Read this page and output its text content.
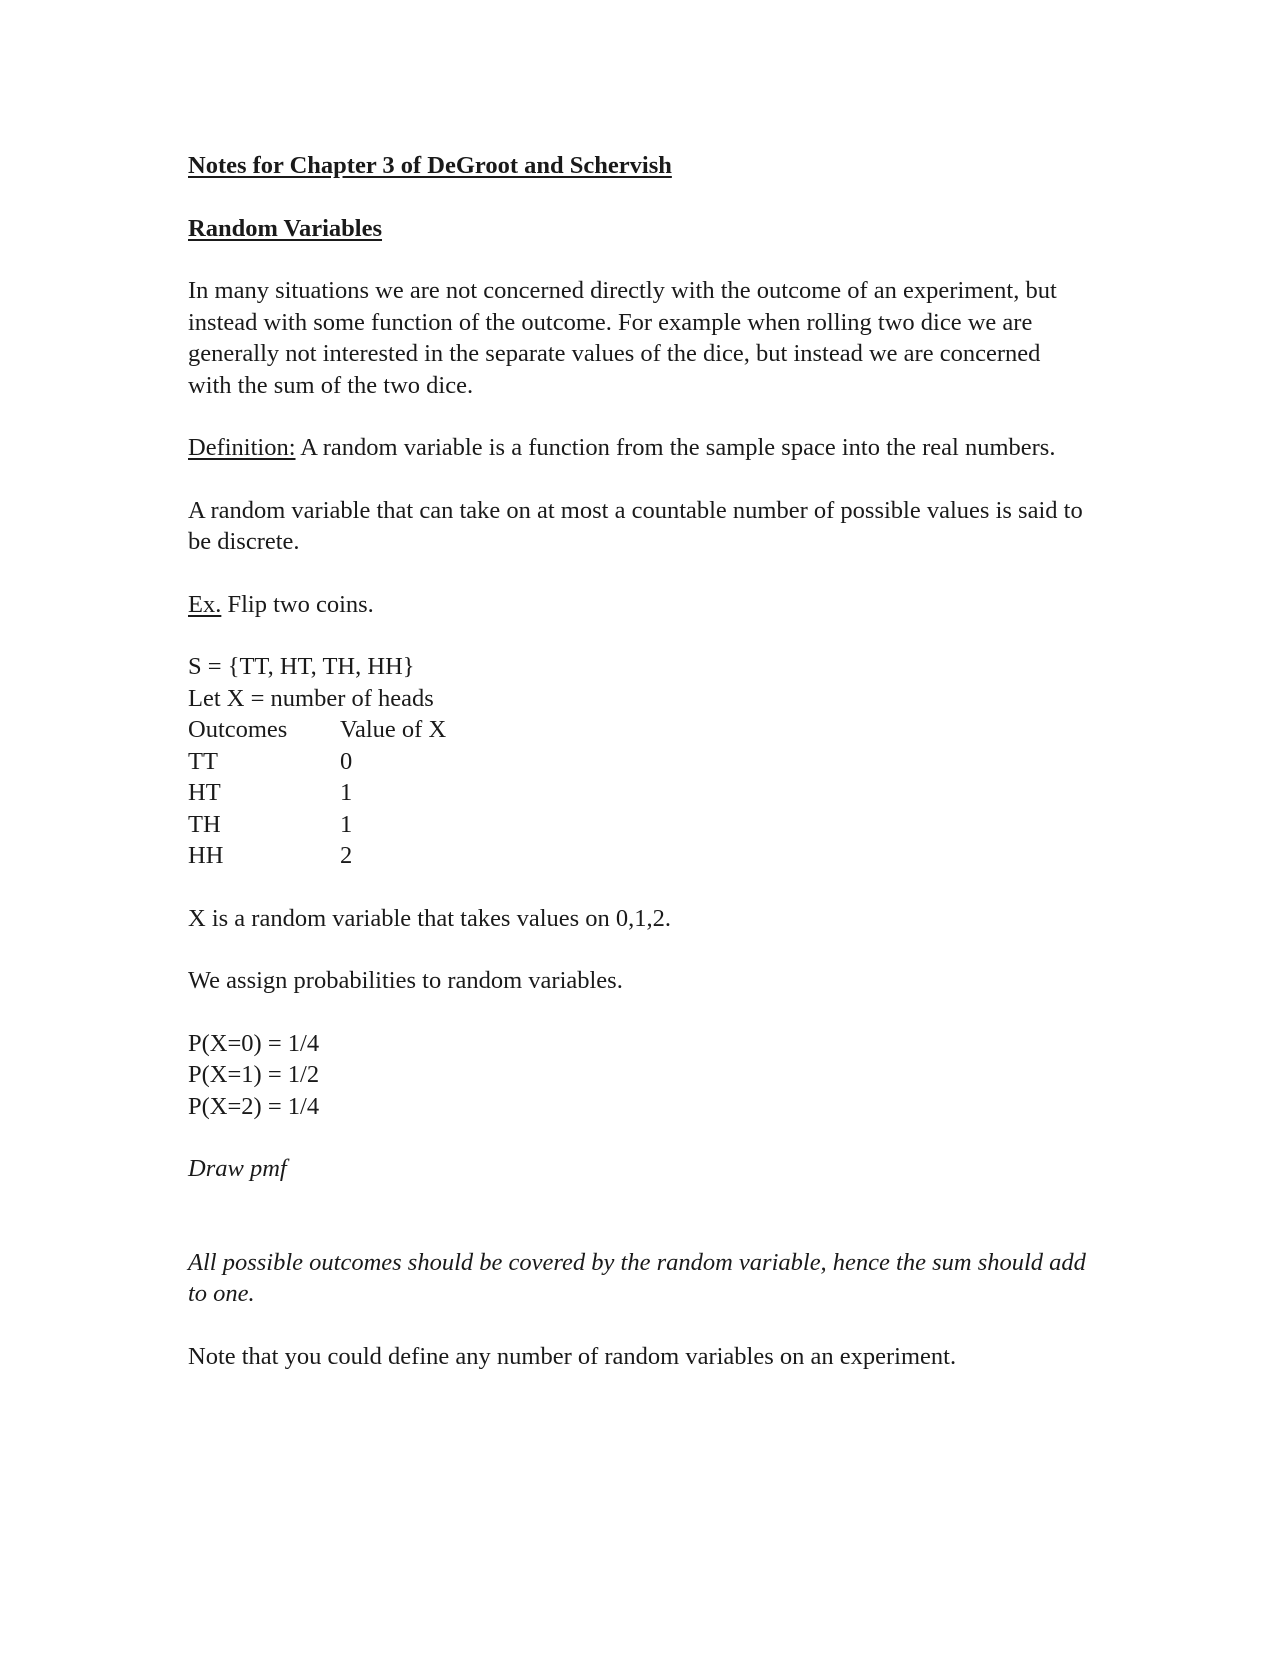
Notes for Chapter 3 of DeGroot and Schervish

Random Variables

In many situations we are not concerned directly with the outcome of an experiment, but instead with some function of the outcome. For example when rolling two dice we are generally not interested in the separate values of the dice, but instead we are concerned with the sum of the two dice.

Definition: A random variable is a function from the sample space into the real numbers.

A random variable that can take on at most a countable number of possible values is said to be discrete.

Ex. Flip two coins.

S = {TT, HT, TH, HH}

Let X = number of heads

Outcomes	Value of X
TT	0
HT	1
TH	1
HH	2

X is a random variable that takes values on 0,1,2.

We assign probabilities to random variables.

P(X=0) = 1/4

P(X=1) = 1/2

P(X=2) = 1/4

Draw pmf

All possible outcomes should be covered by the random variable, hence the sum should add to one.

Note that you could define any number of random variables on an experiment.
